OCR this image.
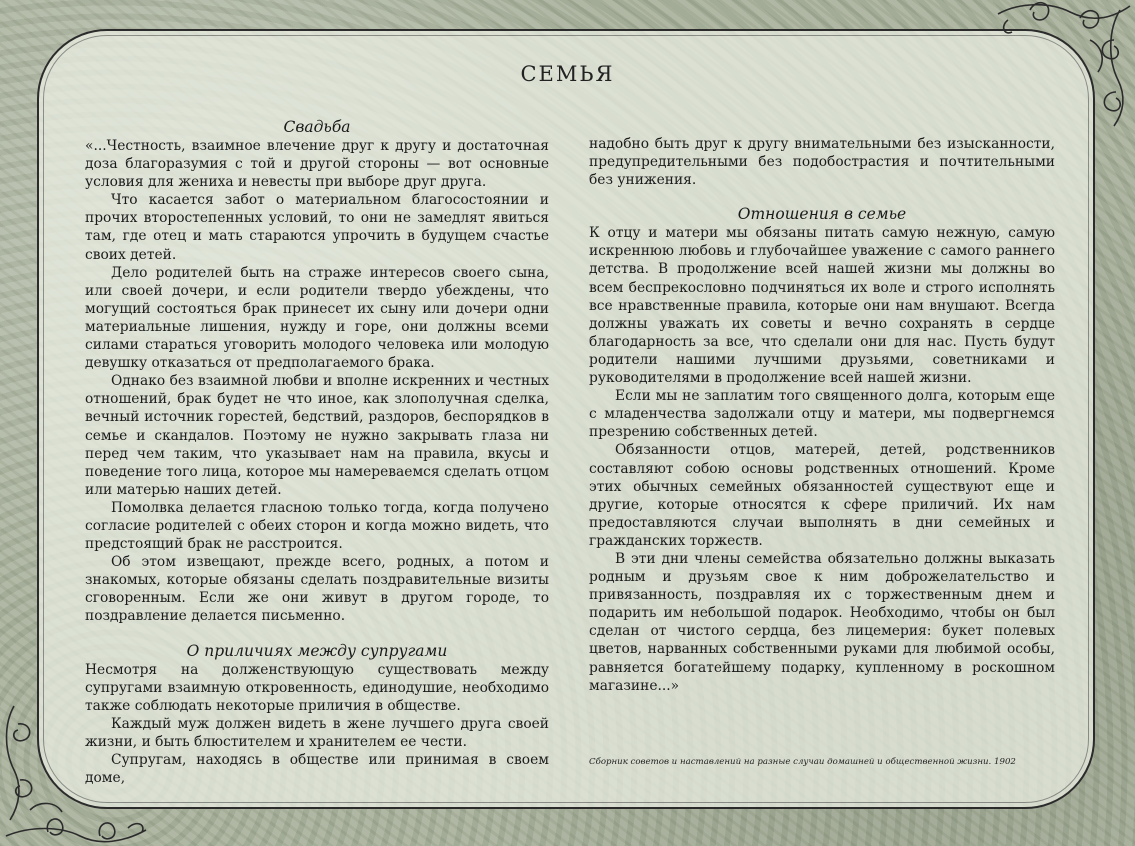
СЕМЬЯ
Свадьба

«...Честность, взаимное влечение друг к другу и достаточная доза благоразумия с той и другой стороны — вот основные условия для жениха и невесты при выборе друг друга.

Что касается забот о материальном благосостоянии и прочих второстепенных условий, то они не замедлят явиться там, где отец и мать стараются упрочить в будущем счастье своих детей.

Дело родителей быть на страже интересов своего сына, или своей дочери, и если родители твердо убеждены, что могущий состояться брак принесет их сыну или дочери одни материальные лишения, нужду и горе, они должны всеми силами стараться уговорить молодого человека или молодую девушку отказаться от предполагаемого брака.

Однако без взаимной любви и вполне искренних и честных отношений, брак будет не что иное, как злополучная сделка, вечный источник горестей, бедствий, раздоров, беспорядков в семье и скандалов. Поэтому не нужно закрывать глаза ни перед чем таким, что указывает нам на правила, вкусы и поведение того лица, которое мы намереваемся сделать отцом или матерью наших детей.

Помолвка делается гласною только тогда, когда получено согласие родителей с обеих сторон и когда можно видеть, что предстоящий брак не расстроится.

Об этом извещают, прежде всего, родных, а потом и знакомых, которые обязаны сделать поздравительные визиты сговоренным. Если же они живут в другом городе, то поздравление делается письменно.

О приличиях между супругами

Несмотря на долженствующую существовать между супругами взаимную откровенность, единодушие, необходимо также соблюдать некоторые приличия в обществе.

Каждый муж должен видеть в жене лучшего друга своей жизни, и быть блюстителем и хранителем ее чести.

Супругам, находясь в обществе или принимая в своем доме,

надобно быть друг к другу внимательными без изысканности, предупредительными без подобострастия и почтительными без унижения.

Отношения в семье

К отцу и матери мы обязаны питать самую нежную, самую искреннюю любовь и глубочайшее уважение с самого раннего детства. В продолжение всей нашей жизни мы должны во всем беспрекословно подчиняться их воле и строго исполнять все нравственные правила, которые они нам внушают. Всегда должны уважать их советы и вечно сохранять в сердце благодарность за все, что сделали они для нас. Пусть будут родители нашими лучшими друзьями, советниками и руководителями в продолжение всей нашей жизни.

Если мы не заплатим того священного долга, которым еще с младенчества задолжали отцу и матери, мы подвергнемся презрению собственных детей.

Обязанности отцов, матерей, детей, родственников составляют собою основы родственных отношений. Кроме этих обычных семейных обязанностей существуют еще и другие, которые относятся к сфере приличий. Их нам предоставляются случаи выполнять в дни семейных и гражданских торжеств.

В эти дни члены семейства обязательно должны выказать родным и друзьям свое к ним доброжелательство и привязанность, поздравляя их с торжественным днем и подарить им небольшой подарок. Необходимо, чтобы он был сделан от чистого сердца, без лицемерия: букет полевых цветов, нарванных собственными руками для любимой особы, равняется богатейшему подарку, купленному в роскошном магазине...»

Сборник советов и наставлений на разные случаи домашней и общественной жизни. 1902
